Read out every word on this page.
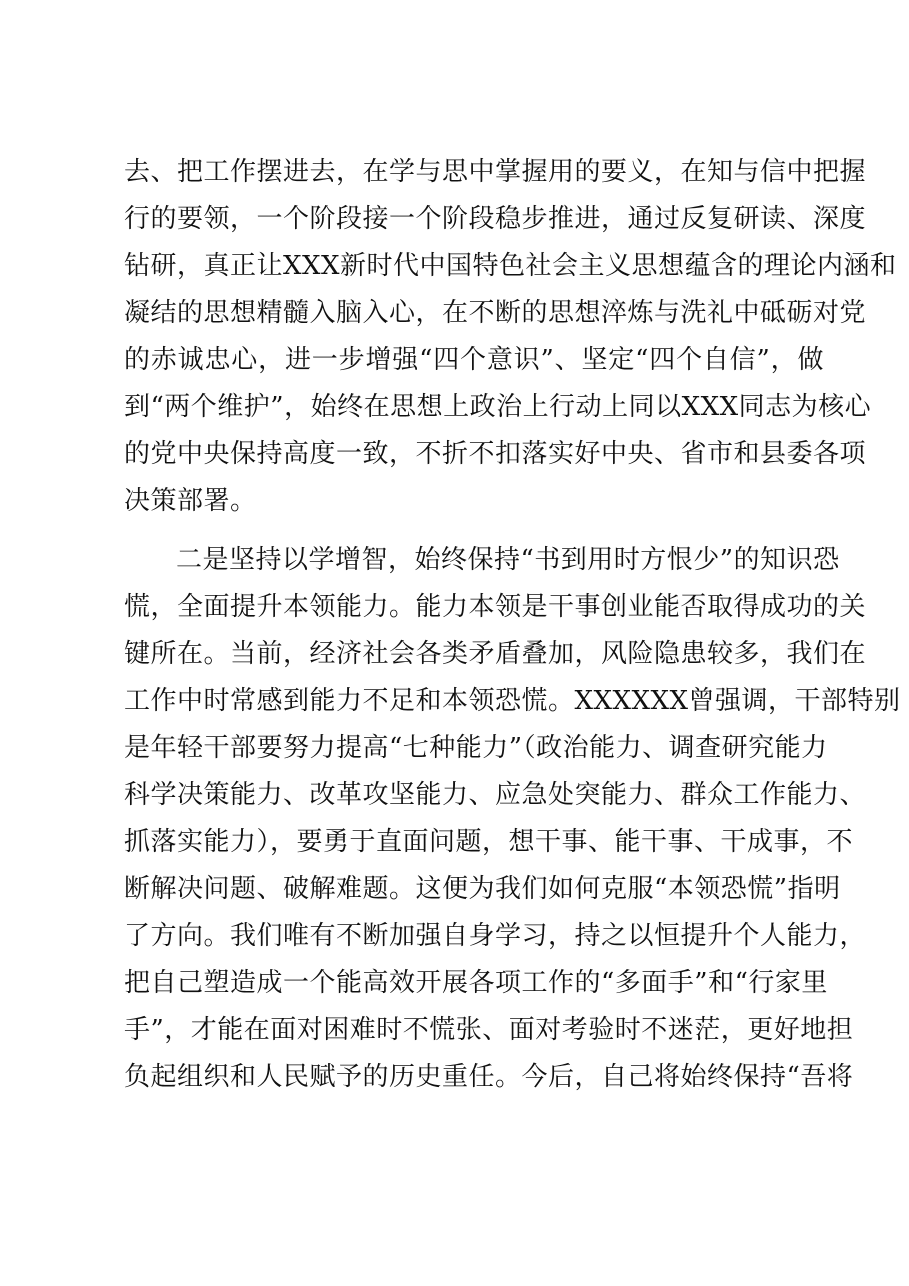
去、把工作摆进去，在学与思中掌握用的要义，在知与信中把握
行的要领，一个阶段接一个阶段稳步推进，通过反复研读、深度
钻研，真正让XXX新时代中国特色社会主义思想蕴含的理论内涵和
凝结的思想精髓入脑入心，在不断的思想淬炼与洗礼中砥砺对党
的赤诚忠心，进一步增强“四个意识”、坚定“四个自信”，做
到“两个维护”，始终在思想上政治上行动上同以XXX同志为核心
的党中央保持高度一致，不折不扣落实好中央、省市和县委各项
决策部署。
二是坚持以学增智，始终保持“书到用时方恨少”的知识恐
慌，全面提升本领能力。能力本领是干事创业能否取得成功的关
键所在。当前，经济社会各类矛盾叠加，风险隐患较多，我们在
工作中时常感到能力不足和本领恐慌。XXXXXX曾强调，干部特别
是年轻干部要努力提高“七种能力”（政治能力、调查研究能力
科学决策能力、改革攻坚能力、应急处突能力、群众工作能力、
抓落实能力），要勇于直面问题，想干事、能干事、干成事，不
断解决问题、破解难题。这便为我们如何克服“本领恐慌”指明
了方向。我们唯有不断加强自身学习，持之以恒提升个人能力，
把自己塑造成一个能高效开展各项工作的“多面手”和“行家里
手”，才能在面对困难时不慌张、面对考验时不迷茫，更好地担
负起组织和人民赋予的历史重任。今后，自己将始终保持“吾将
